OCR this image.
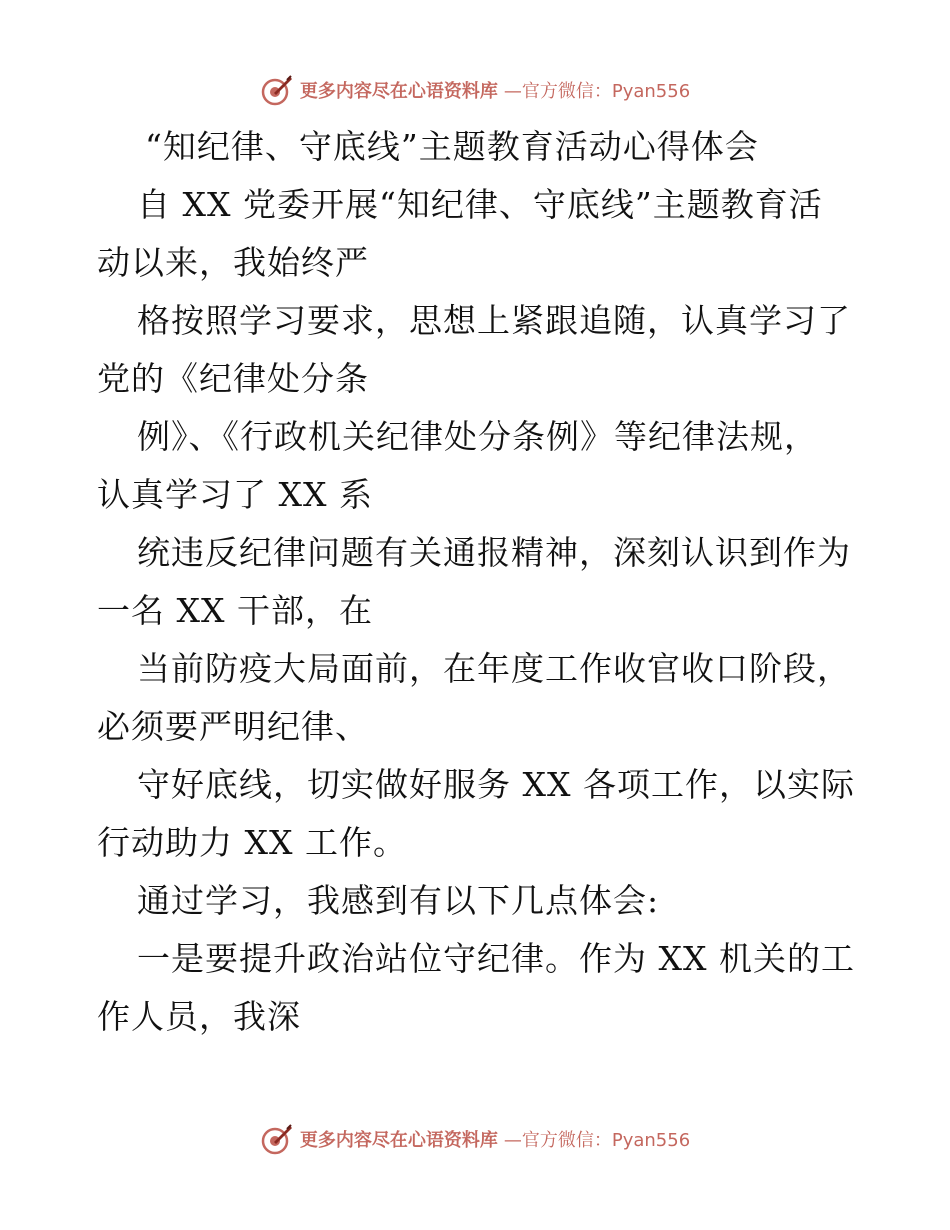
更多内容尽在心语资料库 —官方微信：Pyan556
“知纪律、守底线”主题教育活动心得体会
自 XX 党委开展“知纪律、守底线”主题教育活
动以来，我始终严
格按照学习要求，思想上紧跟追随，认真学习了
党的《纪律处分条
例》、《行政机关纪律处分条例》等纪律法规，
认真学习了 XX 系
统违反纪律问题有关通报精神，深刻认识到作为
一名 XX 干部，在
当前防疫大局面前，在年度工作收官收口阶段，
必须要严明纪律、
守好底线，切实做好服务 XX 各项工作，以实际
行动助力 XX 工作。
通过学习，我感到有以下几点体会:
一是要提升政治站位守纪律。作为 XX 机关的工
作人员，我深
更多内容尽在心语资料库 —官方微信：Pyan556
